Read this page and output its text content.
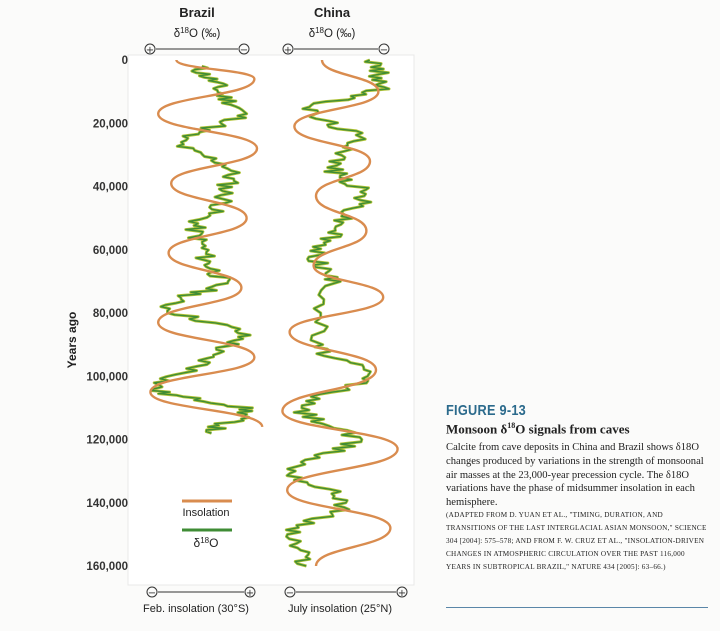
Brazil
$\delta^{18}O$ (‰)
China
$\delta^{18}O$ (‰)
+	−	+	−
−	+	−	+
Feb. insolation (30°S)	July insolation (25°N)
Years ago
0
20,000
40,000
60,000
80,000
100,000
120,000
140,000
160,000
Insolation
$\delta^{18}O$
FIGURE 9-13
Monsoon $\delta^{18}O$ signals from caves
Calcite from cave deposits in China and Brazil shows δ18O changes produced by variations in the strength of monsoonal air masses at the 23,000-year precession cycle. The δ18O variations have the phase of midsummer insolation in each hemisphere.
(ADAPTED FROM D. YUAN ET AL., "TIMING, DURATION, AND TRANSITIONS OF THE LAST INTERGLACIAL ASIAN MONSOON," SCIENCE 304 [2004]: 575–578; AND FROM F. W. CRUZ ET AL., "INSOLATION-DRIVEN CHANGES IN ATMOSPHERIC CIRCULATION OVER THE PAST 116,000 YEARS IN SUBTROPICAL BRAZIL," NATURE 434 [2005]: 63–66.)
